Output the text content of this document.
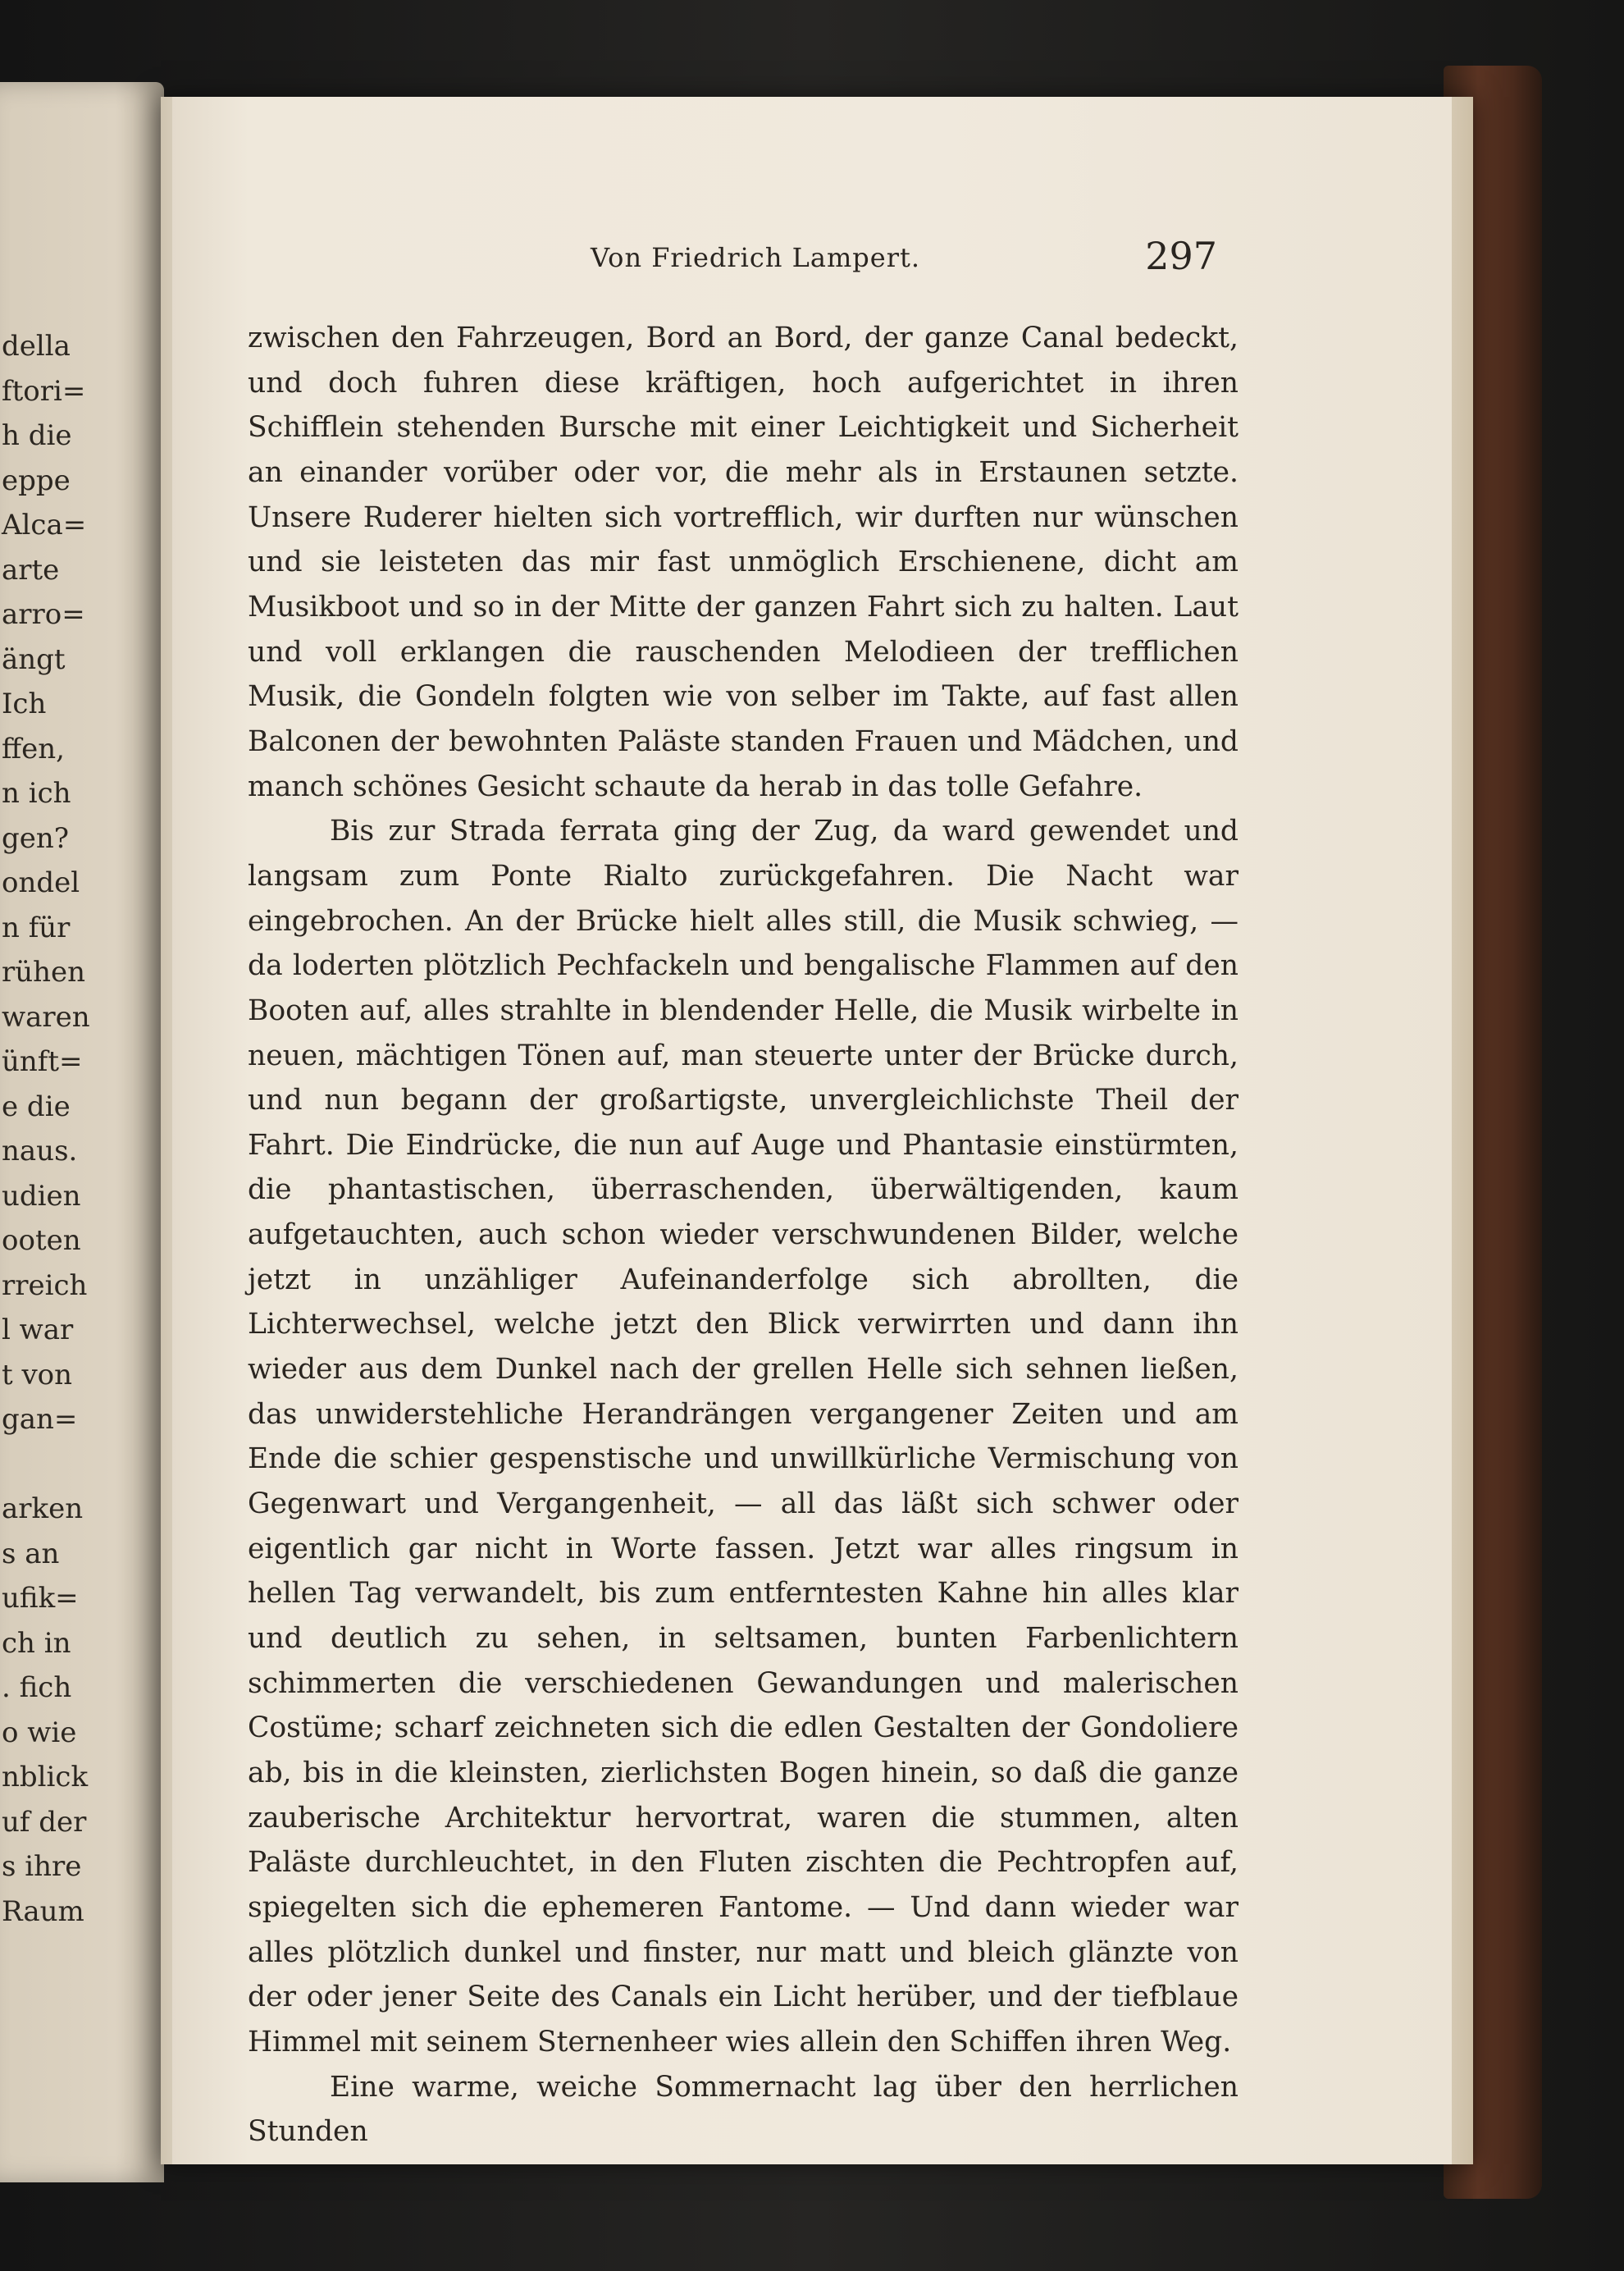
della
ftori=
h die
eppe
Alca=
arte
arro=
ängt
Ich
ffen,
n ich
gen?
ondel
n für
rühen
waren
ünft=
e die
naus.
udien
ooten
rreich
l war
t von
gan=
arken
s an
ufik=
ch in
. fich
o wie
nblick
uf der
s ihre
Raum
Von Friedrich Lampert.	297

zwischen den Fahrzeugen, Bord an Bord, der ganze Canal bedeckt, und doch fuhren diese kräftigen, hoch aufgerichtet in ihren Schifflein stehenden Bursche mit einer Leichtigkeit und Sicherheit an einander vorüber oder vor, die mehr als in Erstaunen setzte. Unsere Ruderer hielten sich vortrefflich, wir durften nur wünschen und sie leisteten das mir fast unmöglich Erschienene, dicht am Musikboot und so in der Mitte der ganzen Fahrt sich zu halten. Laut und voll erklangen die rauschenden Melodieen der trefflichen Musik, die Gondeln folgten wie von selber im Takte, auf fast allen Balconen der bewohnten Paläste standen Frauen und Mädchen, und manch schönes Gesicht schaute da herab in das tolle Gefahre.

Bis zur Strada ferrata ging der Zug, da ward gewendet und langsam zum Ponte Rialto zurückgefahren. Die Nacht war eingebrochen. An der Brücke hielt alles still, die Musik schwieg, — da loderten plötzlich Pechfackeln und bengalische Flammen auf den Booten auf, alles strahlte in blendender Helle, die Musik wirbelte in neuen, mächtigen Tönen auf, man steuerte unter der Brücke durch, und nun begann der großartigste, unvergleichlichste Theil der Fahrt. Die Eindrücke, die nun auf Auge und Phantasie einstürmten, die phantastischen, überraschenden, überwältigenden, kaum aufgetauchten, auch schon wieder verschwundenen Bilder, welche jetzt in unzähliger Aufeinanderfolge sich abrollten, die Lichterwechsel, welche jetzt den Blick verwirrten und dann ihn wieder aus dem Dunkel nach der grellen Helle sich sehnen ließen, das unwiderstehliche Herandrängen vergangener Zeiten und am Ende die schier gespenstische und unwillkürliche Vermischung von Gegenwart und Vergangenheit, — all das läßt sich schwer oder eigentlich gar nicht in Worte fassen. Jetzt war alles ringsum in hellen Tag verwandelt, bis zum entferntesten Kahne hin alles klar und deutlich zu sehen, in seltsamen, bunten Farbenlichtern schimmerten die verschiedenen Gewandungen und malerischen Costüme; scharf zeichneten sich die edlen Gestalten der Gondoliere ab, bis in die kleinsten, zierlichsten Bogen hinein, so daß die ganze zauberische Architektur hervortrat, waren die stummen, alten Paläste durchleuchtet, in den Fluten zischten die Pechtropfen auf, spiegelten sich die ephemeren Fantome. — Und dann wieder war alles plötzlich dunkel und finster, nur matt und bleich glänzte von der oder jener Seite des Canals ein Licht herüber, und der tiefblaue Himmel mit seinem Sternenheer wies allein den Schiffen ihren Weg.

Eine warme, weiche Sommernacht lag über den herrlichen Stunden
